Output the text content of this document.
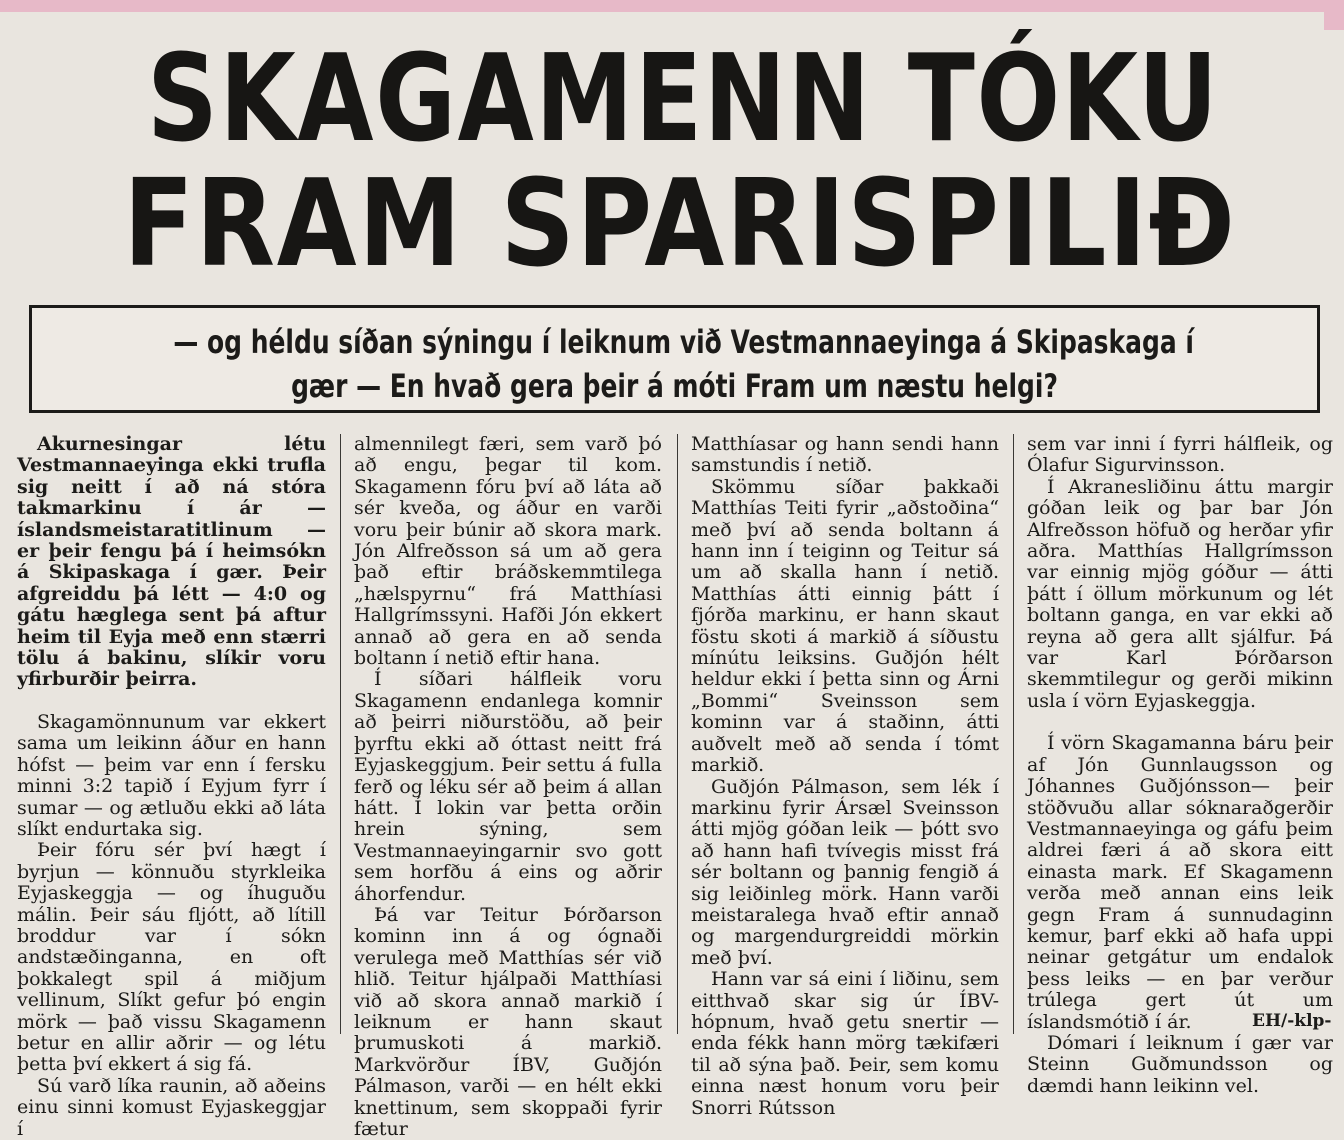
SKAGAMENN TÓKU
FRAM SPARISPILIÐ
— og héldu síðan sýningu í leiknum við Vestmannaeyinga á Skipaskaga í
gær — En hvað gera þeir á móti Fram um næstu helgi?

Akurnesingar létu Vestmannaeyinga ekki trufla sig neitt í að ná stóra takmarkinu í ár — íslandsmeistaratitlinum — er þeir fengu þá í heimsókn á Skipaskaga í gær. Þeir afgreiddu þá létt — 4:0 og gátu hæglega sent þá aftur heim til Eyja með enn stærri tölu á bakinu, slíkir voru yfirburðir þeirra.

Skagamönnunum var ekkert sama um leikinn áður en hann hófst — þeim var enn í fersku minni 3:2 tapið í Eyjum fyrr í sumar — og ætluðu ekki að láta slíkt endurtaka sig.

Þeir fóru sér því hægt í byrjun — könnuðu styrkleika Eyjaskeggja — og íhuguðu málin. Þeir sáu fljótt, að lítill broddur var í sókn andstæðinganna, en oft þokkalegt spil á miðjum vellinum, Slíkt gefur þó engin mörk — það vissu Skagamenn betur en allir aðrir — og létu þetta því ekkert á sig fá.

Sú varð líka raunin, að aðeins einu sinni komust Eyjaskeggjar í

almennilegt færi, sem varð þó að engu, þegar til kom. Skagamenn fóru því að láta að sér kveða, og áður en varði voru þeir búnir að skora mark. Jón Alfreðsson sá um að gera það eftir bráðskemmtilega „hælspyrnu“ frá Matthíasi Hallgrímssyni. Hafði Jón ekkert annað að gera en að senda boltann í netið eftir hana.

Í síðari hálfleik voru Skagamenn endanlega komnir að þeirri niðurstöðu, að þeir þyrftu ekki að óttast neitt frá Eyjaskeggjum. Þeir settu á fulla ferð og léku sér að þeim á allan hátt. Í lokin var þetta orðin hrein sýning, sem Vestmannaeyingarnir svo gott sem horfðu á eins og aðrir áhorfendur.

Þá var Teitur Þórðarson kominn inn á og ógnaði verulega með Matthías sér við hlið. Teitur hjálpaði Matthíasi við að skora annað markið í leiknum er hann skaut þrumuskoti á markið. Markvörður ÍBV, Guðjón Pálmason, varði — en hélt ekki knettinum, sem skoppaði fyrir fætur

Matthíasar og hann sendi hann samstundis í netið.

Skömmu síðar þakkaði Matthías Teiti fyrir „aðstoðina“ með því að senda boltann á hann inn í teiginn og Teitur sá um að skalla hann í netið. Matthías átti einnig þátt í fjórða markinu, er hann skaut föstu skoti á markið á síðustu mínútu leiksins. Guðjón hélt heldur ekki í þetta sinn og Árni „Bommi“ Sveinsson sem kominn var á staðinn, átti auðvelt með að senda í tómt markið.

Guðjón Pálmason, sem lék í markinu fyrir Ársæl Sveinsson átti mjög góðan leik — þótt svo að hann hafi tvívegis misst frá sér boltann og þannig fengið á sig leiðinleg mörk. Hann varði meistaralega hvað eftir annað og margendurgreiddi mörkin með því.

Hann var sá eini í liðinu, sem eitthvað skar sig úr ÍBV-hópnum, hvað getu snertir — enda fékk hann mörg tækifæri til að sýna það. Þeir, sem komu einna næst honum voru þeir Snorri Rútsson

sem var inni í fyrri hálfleik, og Ólafur Sigurvinsson.

Í Akranesliðinu áttu margir góðan leik og þar bar Jón Alfreðsson höfuð og herðar yfir aðra. Matthías Hallgrímsson var einnig mjög góður — átti þátt í öllum mörkunum og lét boltann ganga, en var ekki að reyna að gera allt sjálfur. Þá var Karl Þórðarson skemmtilegur og gerði mikinn usla í vörn Eyjaskeggja.

Í vörn Skagamanna báru þeir af Jón Gunnlaugsson og Jóhannes Guðjónsson— þeir stöðvuðu allar sóknaraðgerðir Vestmannaeyinga og gáfu þeim aldrei færi á að skora eitt einasta mark. Ef Skagamenn verða með annan eins leik gegn Fram á sunnudaginn kemur, þarf ekki að hafa uppi neinar getgátur um endalok þess leiks — en þar verður trúlega gert út um íslandsmótið í ár.

Dómari í leiknum í gær var Steinn Guðmundsson og dæmdi hann leikinn vel.

EH/-klp-
